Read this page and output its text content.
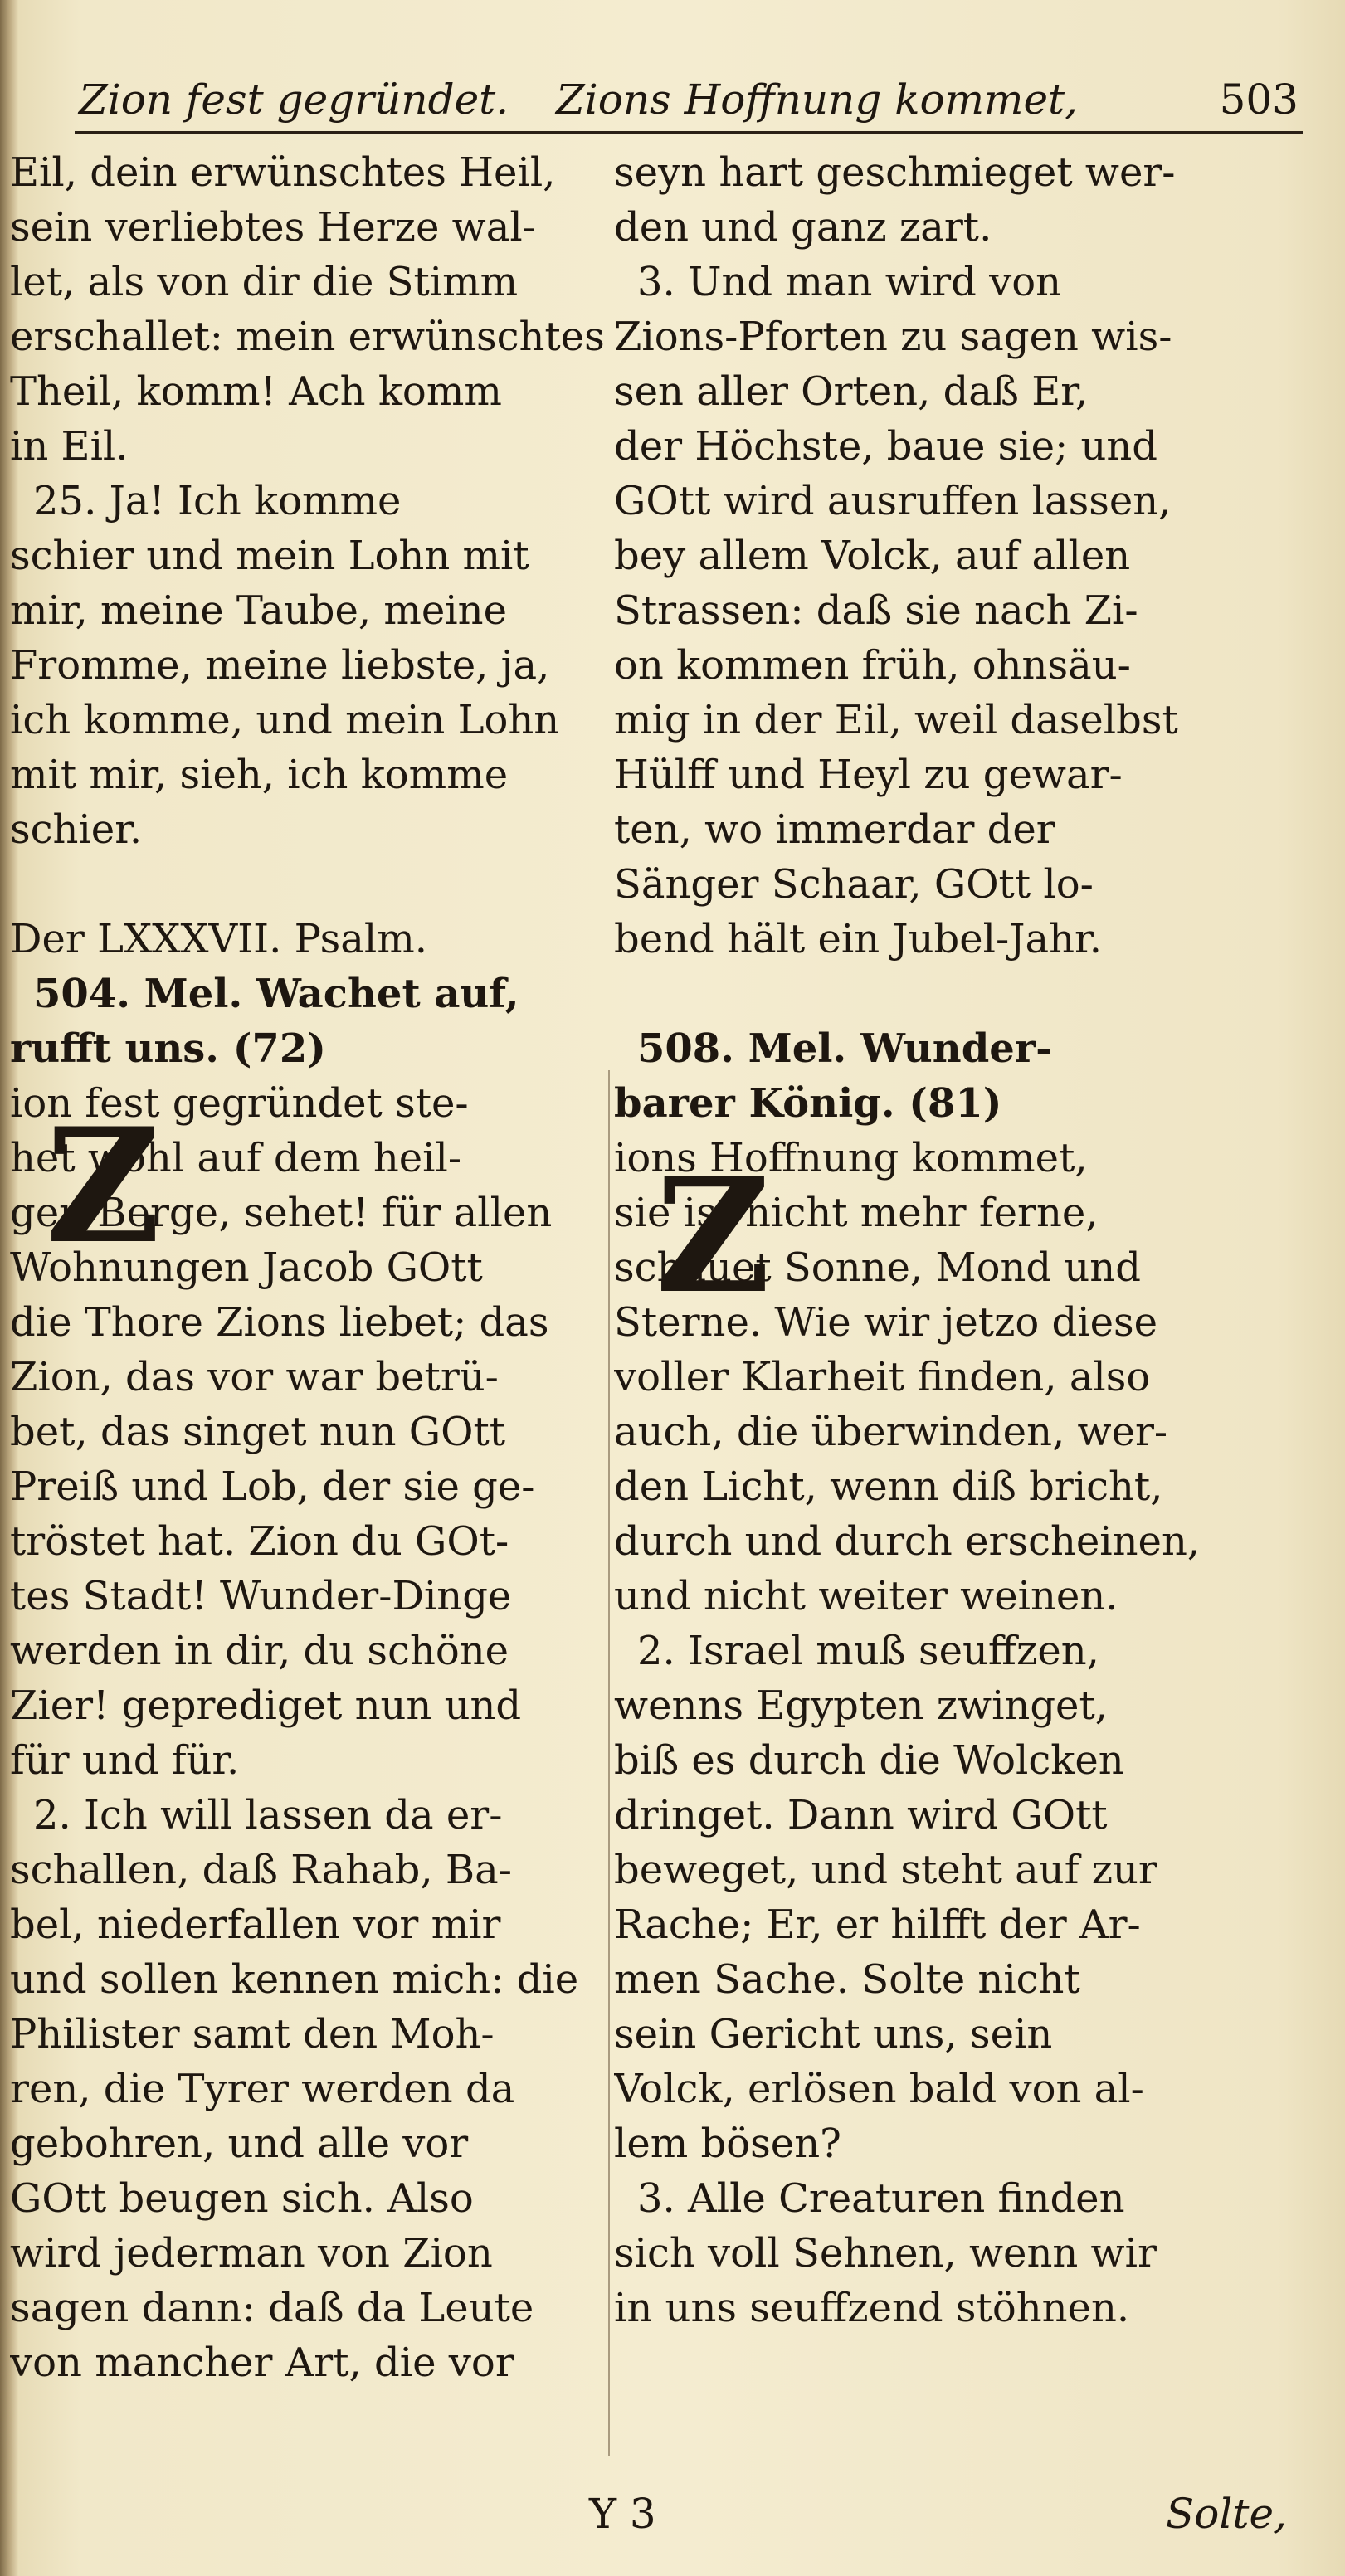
Zion fest gegründet. Zions Hoffnung kommet,	503
Eil, dein erwünschtes Heil,
sein verliebtes Herze wal-
let, als von dir die Stimm
erschallet: mein erwünschtes
Theil, komm! Ach komm
in Eil.
25. Ja! Ich komme
schier und mein Lohn mit
mir, meine Taube, meine
Fromme, meine liebste, ja,
ich komme, und mein Lohn
mit mir, sieh, ich komme
schier.
Der LXXXVII. Psalm.
504. Mel. Wachet auf,
rufft uns. (72)
ion fest gegründet ste-
het wohl auf dem heil-
gen Berge, sehet! für allen
Wohnungen Jacob GOtt
die Thore Zions liebet; das
Zion, das vor war betrü-
bet, das singet nun GOtt
Preiß und Lob, der sie ge-
tröstet hat. Zion du GOt-
tes Stadt! Wunder-Dinge
werden in dir, du schöne
Zier! geprediget nun und
für und für.
2. Ich will lassen da er-
schallen, daß Rahab, Ba-
bel, niederfallen vor mir
und sollen kennen mich: die
Philister samt den Moh-
ren, die Tyrer werden da
gebohren, und alle vor
GOtt beugen sich. Also
wird jederman von Zion
sagen dann: daß da Leute
von mancher Art, die vor
seyn hart geschmieget wer-
den und ganz zart.
3. Und man wird von
Zions-Pforten zu sagen wis-
sen aller Orten, daß Er,
der Höchste, baue sie; und
GOtt wird ausruffen lassen,
bey allem Volck, auf allen
Strassen: daß sie nach Zi-
on kommen früh, ohnsäu-
mig in der Eil, weil daselbst
Hülff und Heyl zu gewar-
ten, wo immerdar der
Sänger Schaar, GOtt lo-
bend hält ein Jubel-Jahr.
508. Mel. Wunder-
barer König. (81)
ions Hoffnung kommet,
sie ist nicht mehr ferne,
schauet Sonne, Mond und
Sterne. Wie wir jetzo diese
voller Klarheit finden, also
auch, die überwinden, wer-
den Licht, wenn diß bricht,
durch und durch erscheinen,
und nicht weiter weinen.
2. Israel muß seuffzen,
wenns Egypten zwinget,
biß es durch die Wolcken
dringet. Dann wird GOtt
beweget, und steht auf zur
Rache; Er, er hilfft der Ar-
men Sache. Solte nicht
sein Gericht uns, sein
Volck, erlösen bald von al-
lem bösen?
3. Alle Creaturen finden
sich voll Sehnen, wenn wir
in uns seuffzend stöhnen.
Z	Z
Y 3	Solte,
